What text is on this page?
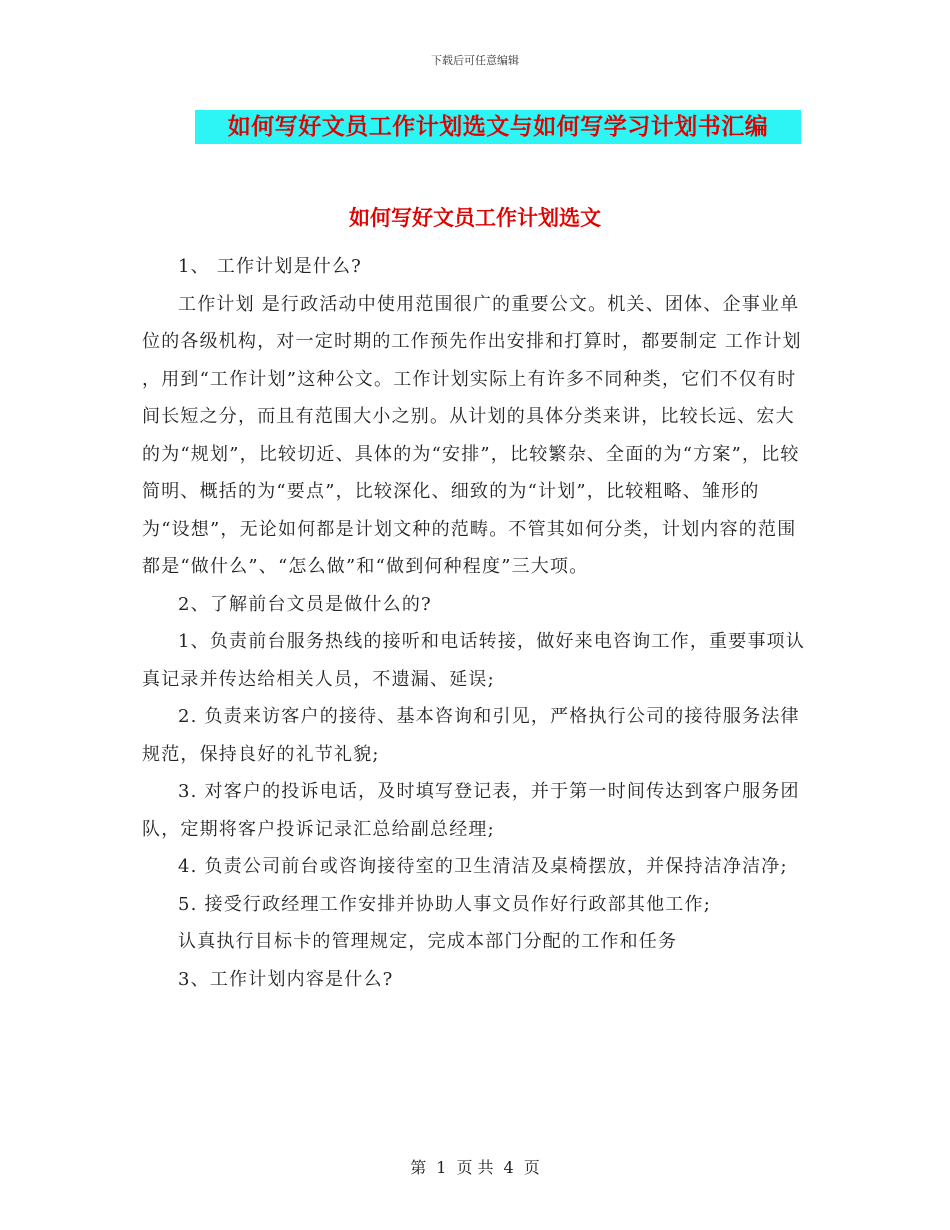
下载后可任意编辑
如何写好文员工作计划选文与如何写学习计划书汇编
如何写好文员工作计划选文

1、 工作计划是什么?

工作计划 是行政活动中使用范围很广的重要公文。机关、团体、企事业单位的各级机构，对一定时期的工作预先作出安排和打算时，都要制定 工作计划 ，用到“工作计划”这种公文。工作计划实际上有许多不同种类，它们不仅有时间长短之分，而且有范围大小之别。从计划的具体分类来讲，比较长远、宏大的为“规划”，比较切近、具体的为“安排”，比较繁杂、全面的为“方案”，比较简明、概括的为“要点”，比较深化、细致的为“计划”，比较粗略、雏形的为“设想”，无论如何都是计划文种的范畴。不管其如何分类，计划内容的范围都是“做什么”、“怎么做”和“做到何种程度”三大项。

2、了解前台文员是做什么的?

1、负责前台服务热线的接听和电话转接，做好来电咨询工作，重要事项认真记录并传达给相关人员，不遗漏、延误;

2. 负责来访客户的接待、基本咨询和引见，严格执行公司的接待服务法律规范，保持良好的礼节礼貌;

3. 对客户的投诉电话，及时填写登记表，并于第一时间传达到客户服务团队，定期将客户投诉记录汇总给副总经理;

4. 负责公司前台或咨询接待室的卫生清洁及桌椅摆放，并保持洁净洁净;

5. 接受行政经理工作安排并协助人事文员作好行政部其他工作;

认真执行目标卡的管理规定，完成本部门分配的工作和任务

3、工作计划内容是什么?

第 1 页 共 4 页
